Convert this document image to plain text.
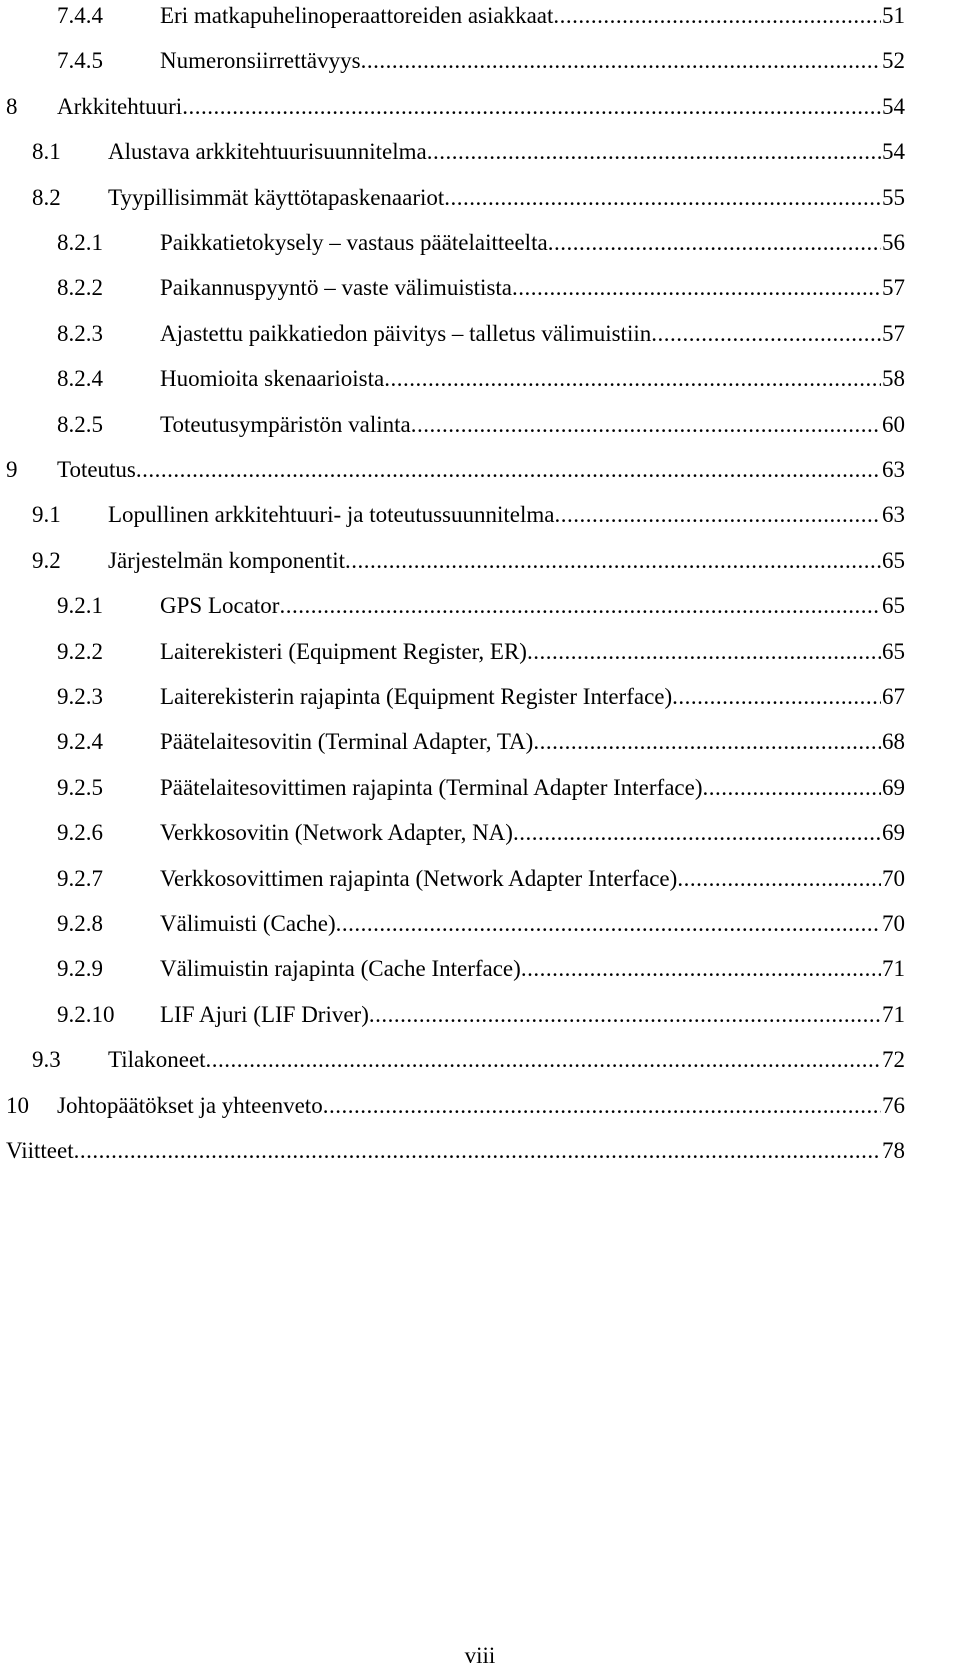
7.4.4 Eri matkapuhelinoperaattoreiden asiakkaat .....	51
7.4.5 Numeronsiirrettävyys .....	52
8 Arkkitehtuuri .....	54
8.1 Alustava arkkitehtuurisuunnitelma .....	54
8.2 Tyypillisimmät käyttötapaskenaariot .....	55
8.2.1 Paikkatietokysely – vastaus päätelaitteelta .....	56
8.2.2 Paikannuspyyntö – vaste välimuistista .....	57
8.2.3 Ajastettu paikkatiedon päivitys – talletus välimuistiin .....	57
8.2.4 Huomioita skenaarioista .....	58
8.2.5 Toteutusympäristön valinta .....	60
9 Toteutus .....	63
9.1 Lopullinen arkkitehtuuri- ja toteutussuunnitelma .....	63
9.2 Järjestelmän komponentit .....	65
9.2.1 GPS Locator .....	65
9.2.2 Laiterekisteri (Equipment Register, ER) .....	65
9.2.3 Laiterekisterin rajapinta (Equipment Register Interface) .....	67
9.2.4 Päätelaitesovitin (Terminal Adapter, TA) .....	68
9.2.5 Päätelaitesovittimen rajapinta (Terminal Adapter Interface) .....	69
9.2.6 Verkkosovitin (Network Adapter, NA) .....	69
9.2.7 Verkkosovittimen rajapinta (Network Adapter Interface) .....	70
9.2.8 Välimuisti (Cache) .....	70
9.2.9 Välimuistin rajapinta (Cache Interface) .....	71
9.2.10 LIF Ajuri (LIF Driver) .....	71
9.3 Tilakoneet .....	72
10 Johtopäätökset ja yhteenveto .....	76
Viitteet .....	78
viii
